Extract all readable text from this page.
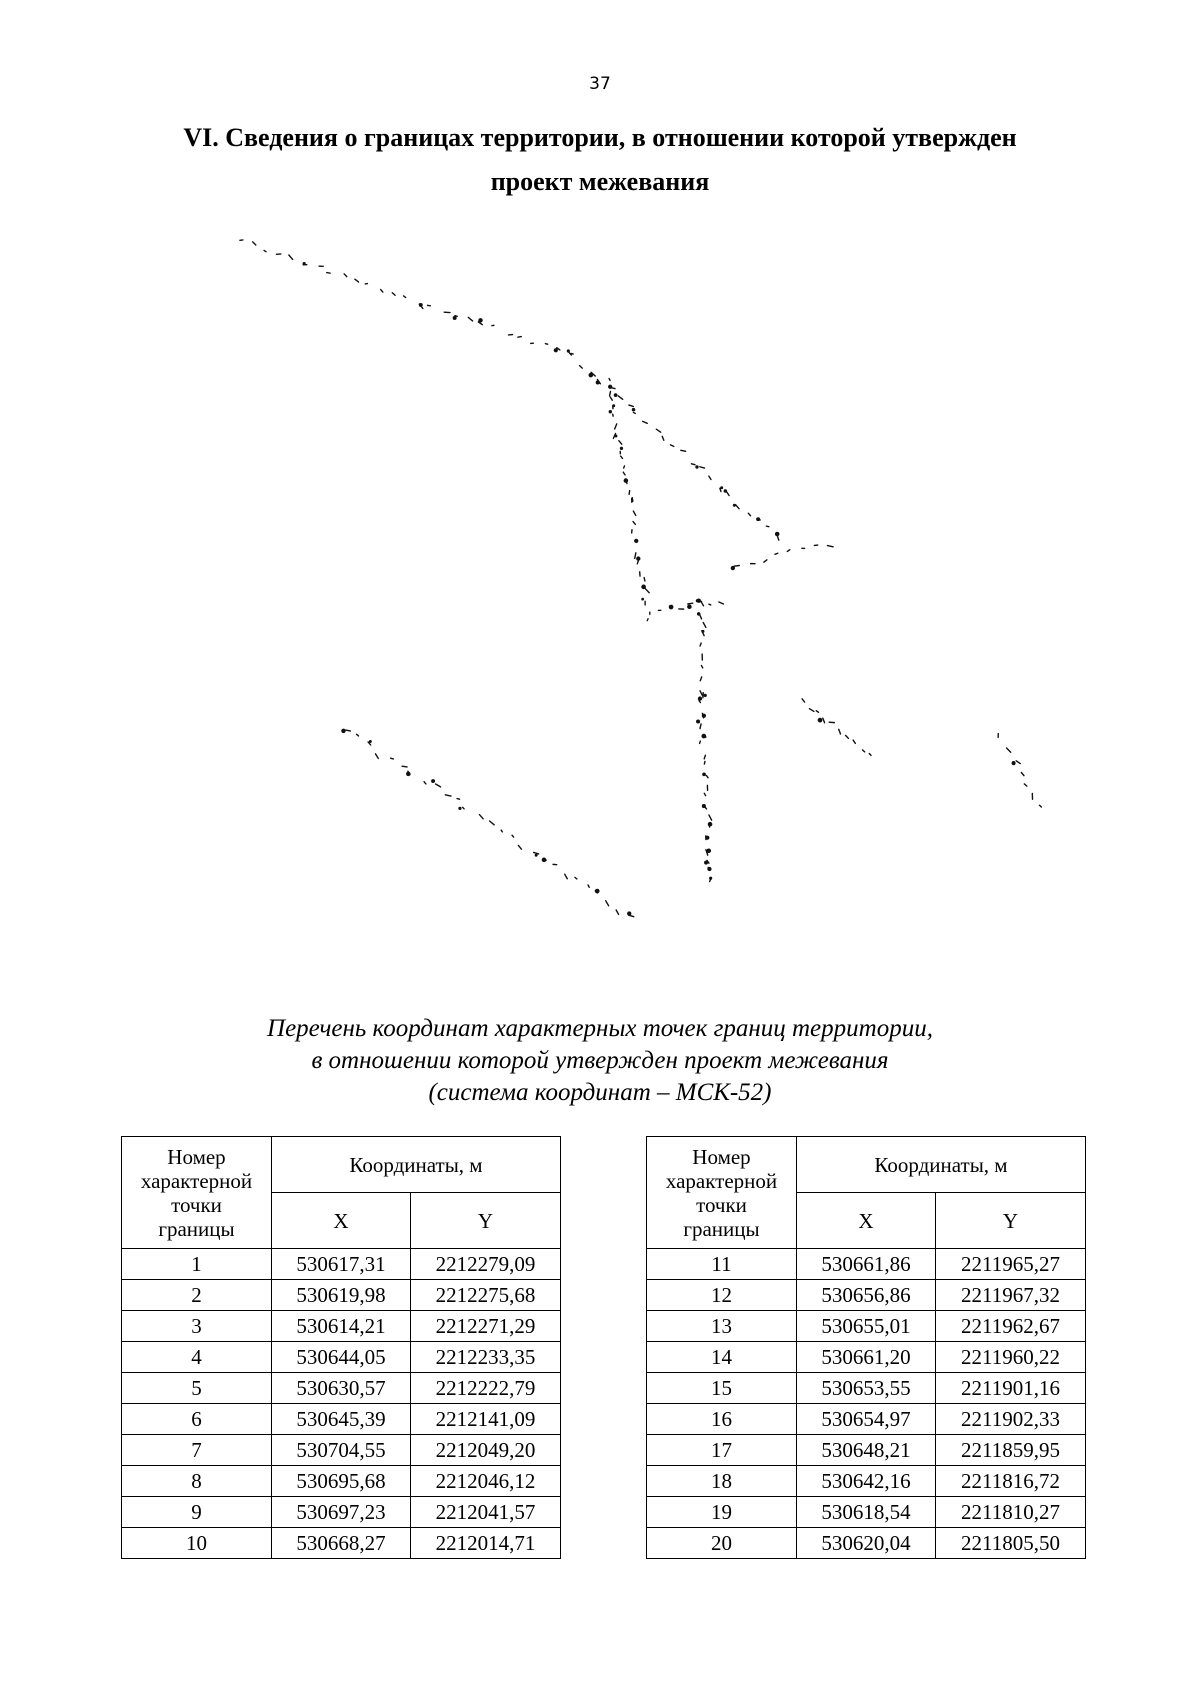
37
VI. Сведения о границах территории, в отношении которой утвержден
проект межевания
Перечень координат характерных точек границ территории,
в отношении которой утвержден проект межевания
(система координат – МСК-52)
Номер
характерной
точки
границы	Координаты, м	
	X	Y
1	530617,31	2212279,09
2	530619,98	2212275,68
3	530614,21	2212271,29
4	530644,05	2212233,35
5	530630,57	2212222,79
6	530645,39	2212141,09
7	530704,55	2212049,20
8	530695,68	2212046,12
9	530697,23	2212041,57
10	530668,27	2212014,71
Номер
характерной
точки
границы	Координаты, м	
	X	Y
11	530661,86	2211965,27
12	530656,86	2211967,32
13	530655,01	2211962,67
14	530661,20	2211960,22
15	530653,55	2211901,16
16	530654,97	2211902,33
17	530648,21	2211859,95
18	530642,16	2211816,72
19	530618,54	2211810,27
20	530620,04	2211805,50
